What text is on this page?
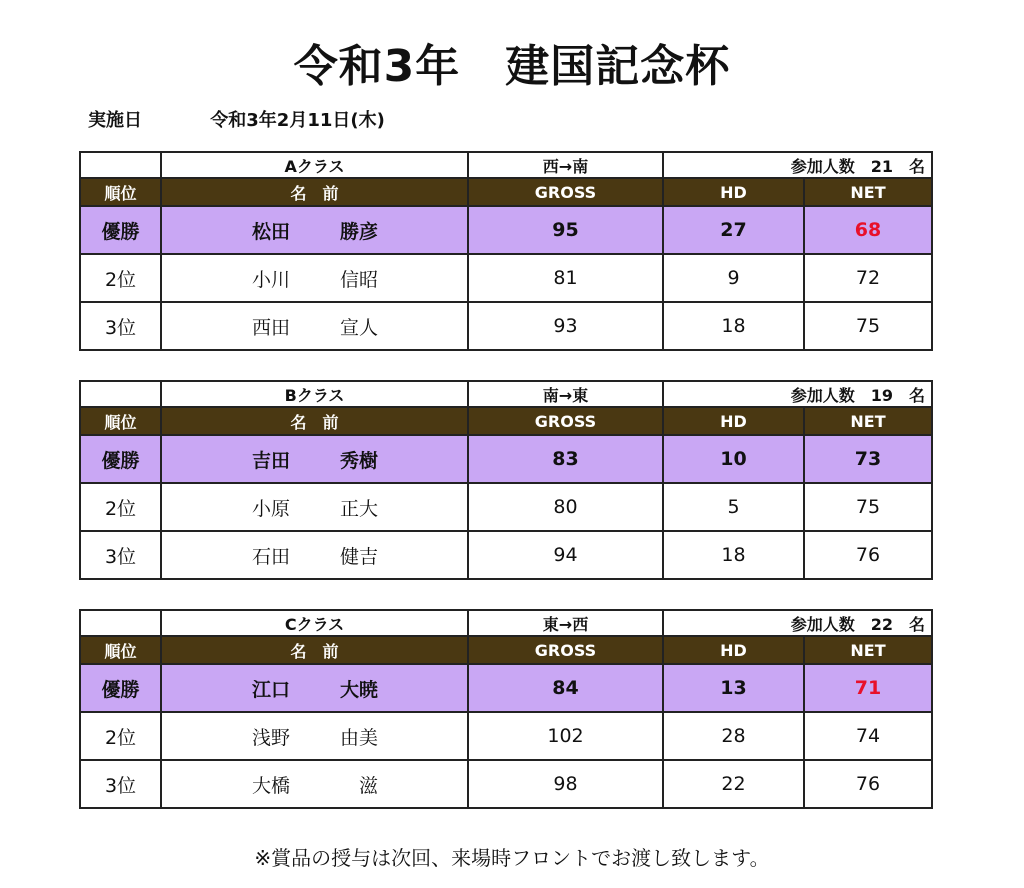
令和3年　建国記念杯
実施日	令和3年2月11日(木)
	Aクラス	西→南	参加人数　21　名	
順位	名　前	GROSS	HD	NET
優勝	松田 勝彦	95	27	68
2位	小川 信昭	81	9	72
3位	西田 宣人	93	18	75
	Bクラス	南→東	参加人数　19　名	
順位	名　前	GROSS	HD	NET
優勝	吉田 秀樹	83	10	73
2位	小原 正大	80	5	75
3位	石田 健吉	94	18	76
	Cクラス	東→西	参加人数　22　名	
順位	名　前	GROSS	HD	NET
優勝	江口 大暁	84	13	71
2位	浅野 由美	102	28	74
3位	大橋 　滋	98	22	76
※賞品の授与は次回、来場時フロントでお渡し致します。
